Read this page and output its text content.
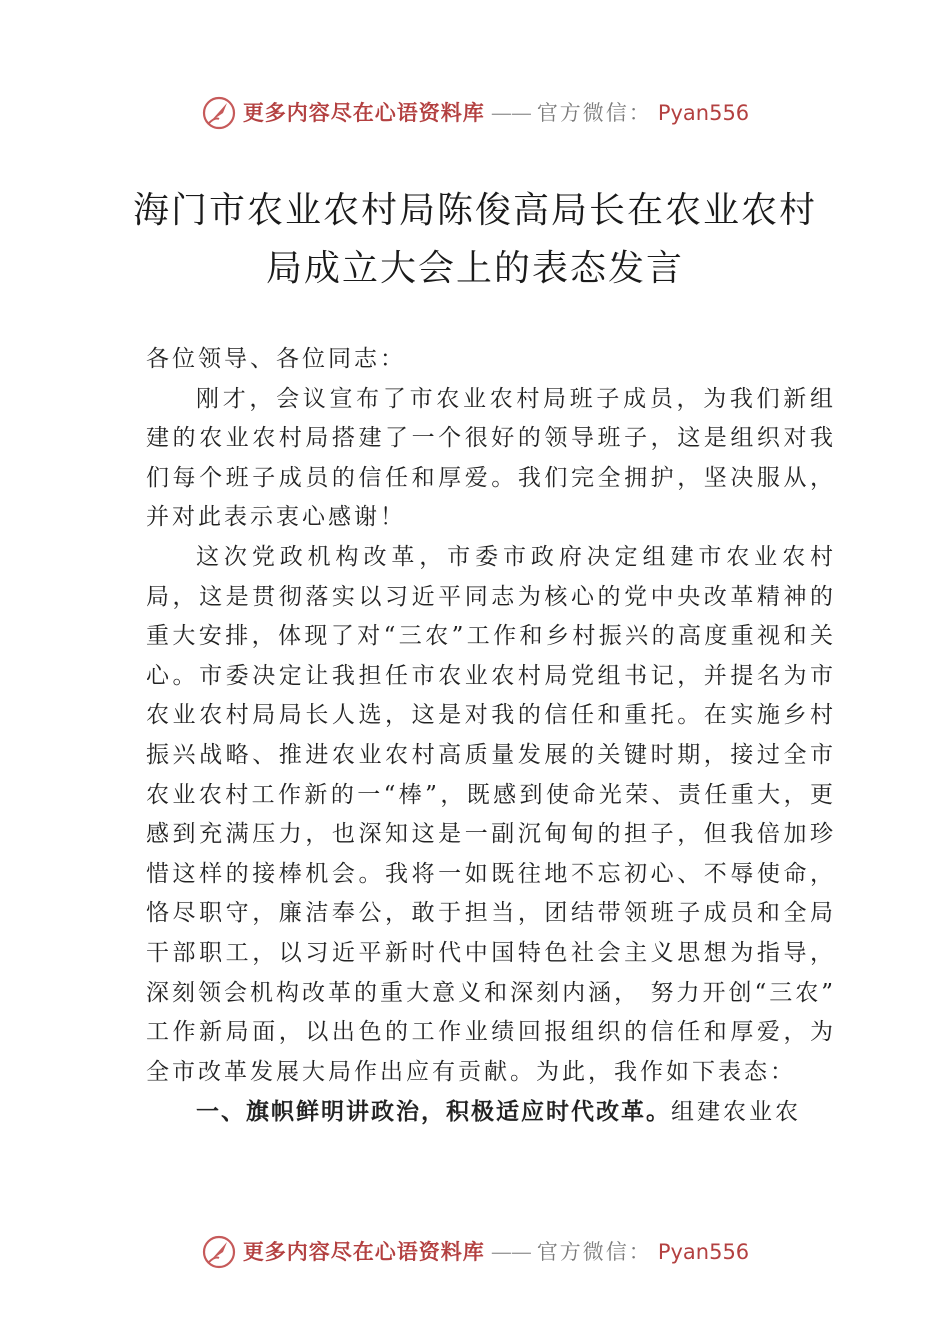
更多内容尽在心语资料库 —— 官方微信： Pyan556
海门市农业农村局陈俊高局长在农业农村
局成立大会上的表态发言

各位领导、各位同志：

刚才，会议宣布了市农业农村局班子成员，为我们新组建的农业农村局搭建了一个很好的领导班子，这是组织对我们每个班子成员的信任和厚爱。我们完全拥护，坚决服从，并对此表示衷心感谢！

这次党政机构改革，市委市政府决定组建市农业农村局，这是贯彻落实以习近平同志为核心的党中央改革精神的重大安排，体现了对“三农”工作和乡村振兴的高度重视和关心。市委决定让我担任市农业农村局党组书记，并提名为市农业农村局局长人选，这是对我的信任和重托。在实施乡村振兴战略、推进农业农村高质量发展的关键时期，接过全市 农业农村工作新的一“棒”，既感到使命光荣、责任重大，更 感到充满压力，也深知这是一副沉甸甸的担子，但我倍加珍 惜这样的接棒机会。我将一如既往地不忘初心、不辱使命， 恪尽职守，廉洁奉公，敢于担当，团结带领班子成员和全局 干部职工，以习近平新时代中国特色社会主义思想为指导， 深刻领会机构改革的重大意义和深刻内涵， 努力开创“三农” 工作新局面，以出色的工作业绩回报组织的信任和厚爱，为 全市改革发展大局作出应有贡献。为此，我作如下表态：

一、旗帜鲜明讲政治，积极适应时代改革。组建农业农

更多内容尽在心语资料库 —— 官方微信： Pyan556
